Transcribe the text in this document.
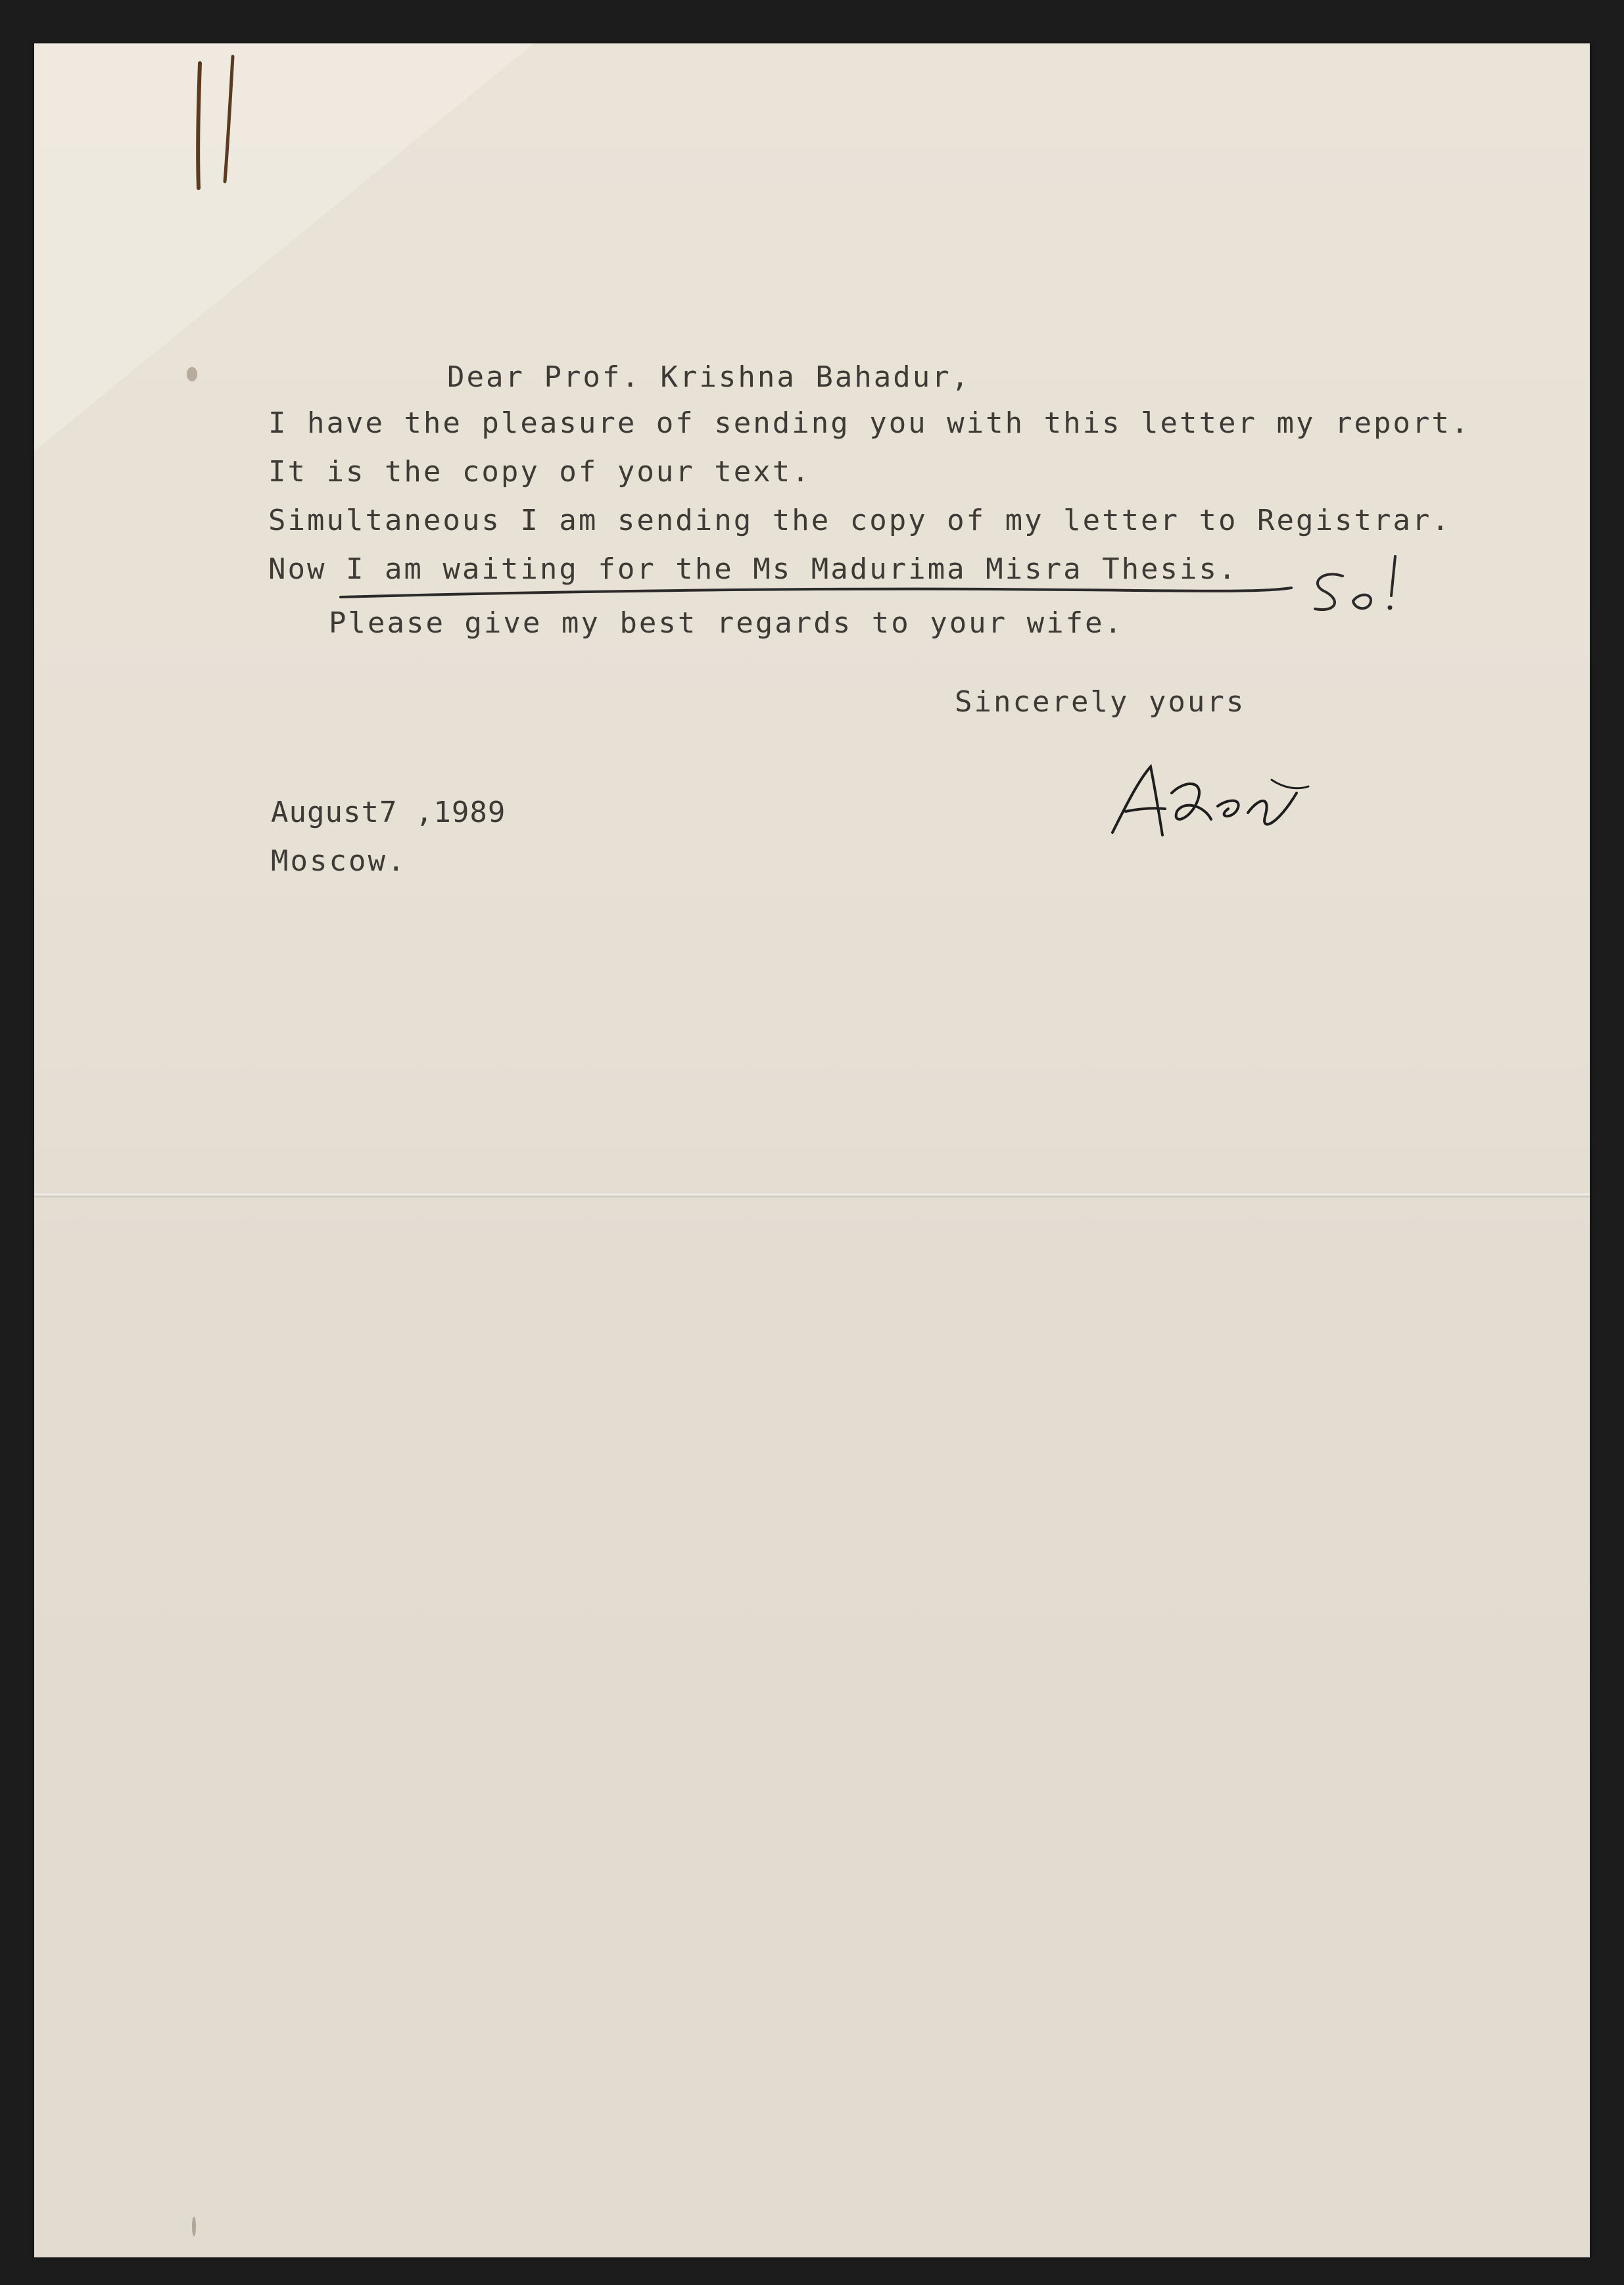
Dear Prof. Krishna Bahadur,
I have the pleasure of sending you with this letter my report.
It is the copy of your text.
Simultaneous I am sending the copy of my letter to Registrar.
Now I am waiting for the Ms Madurima Misra Thesis.
Please give my best regards to your wife.
Sincerely yours
August7 ,1989
Moscow.
